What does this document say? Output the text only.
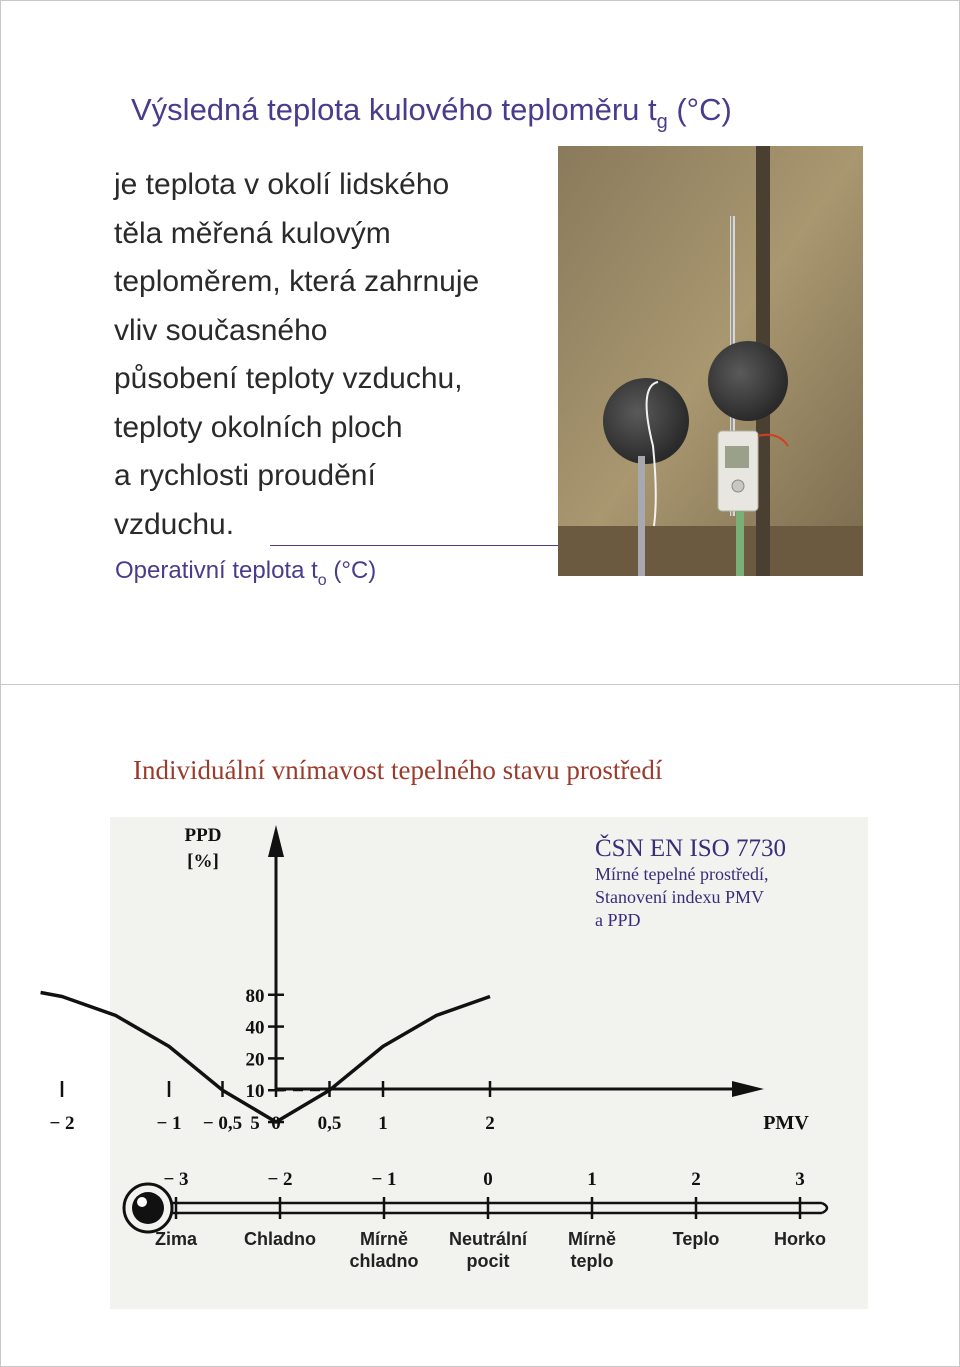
Výsledná teplota kulového teploměru $t_g$ (°C)
je teplota v okolí lidského
těla měřená kulovým
teploměrem, která zahrnuje
vliv současného
působení teploty vzduchu,
teploty okolních ploch
a rychlosti proudění
vzduchu.
Operativní teplota $t_o$ (°C)
Individuální vnímavost tepelného stavu prostředí
PPD
[%]
PMV
80
40
20
10
5
− 2	− 1 − 0,5 0 0,5 1	2
− 3
Zima
− 2
Chladno
− 1
Mírně
chladno
0
Neutrální
pocit
1
Mírně
teplo
2
Teplo
3
Horko
ČSN EN ISO 7730
Mírné tepelné prostředí,
Stanovení indexu PMV
a PPD
